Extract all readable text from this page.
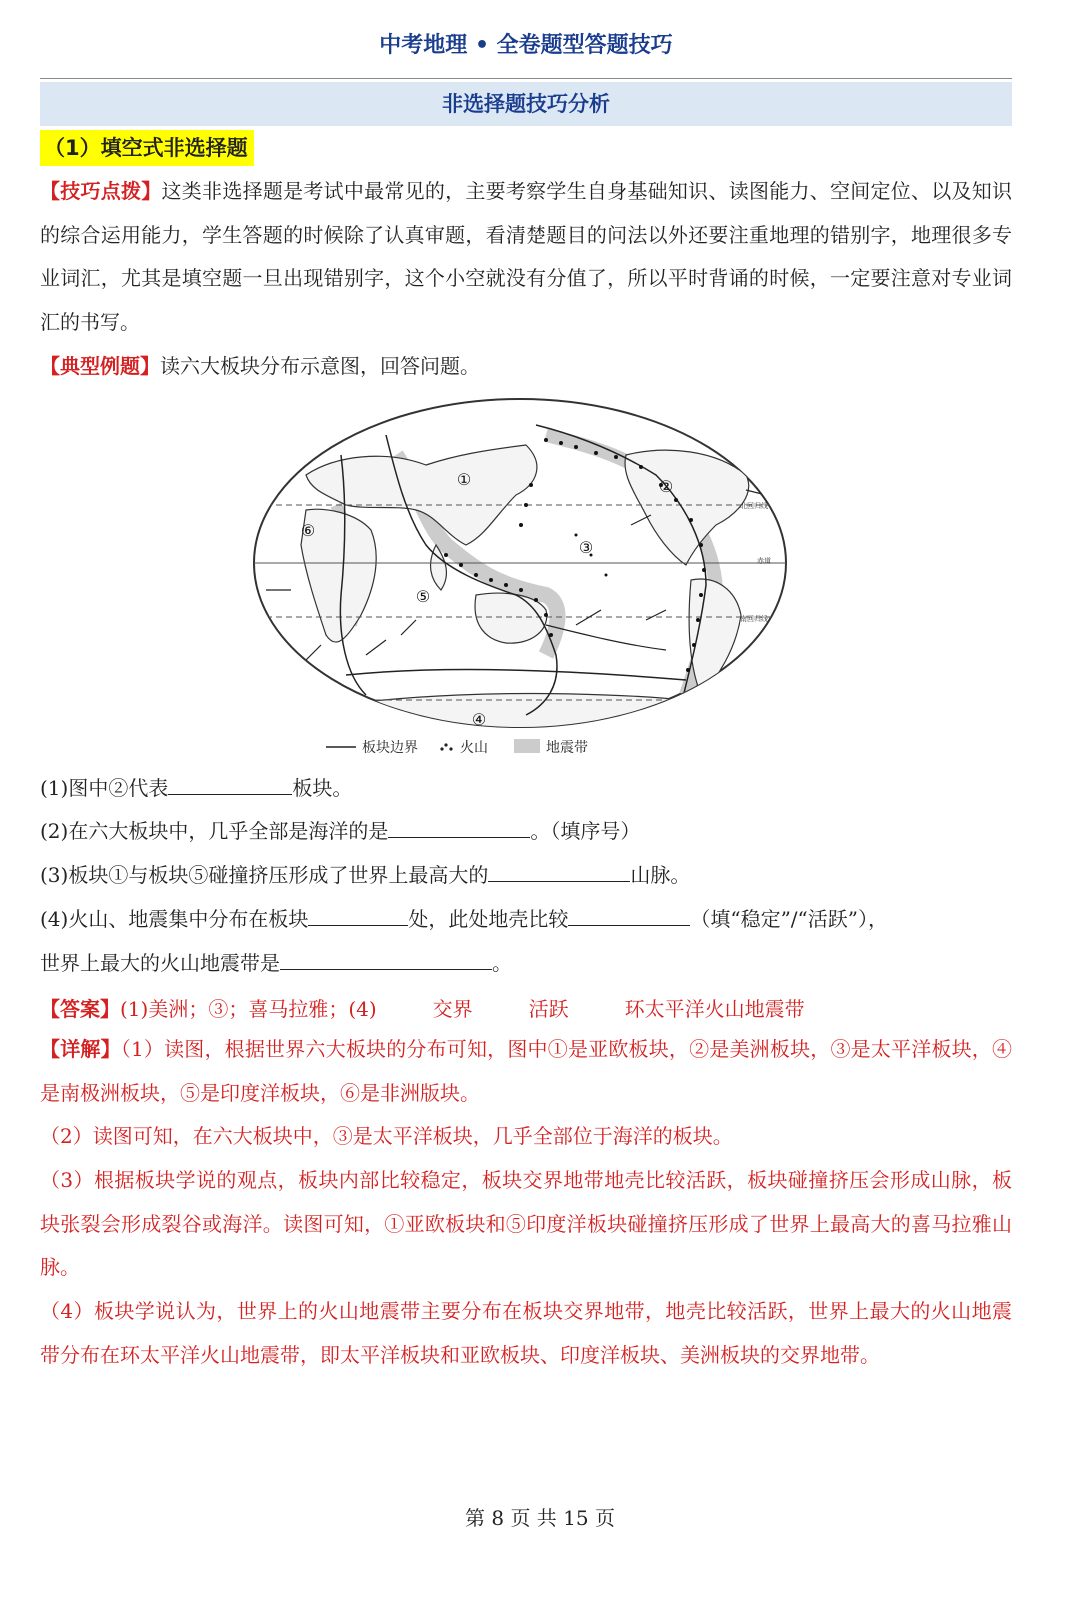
中考地理 • 全卷题型答题技巧
非选择题技巧分析
（1）填空式非选择题
【技巧点拨】这类非选择题是考试中最常见的，主要考察学生自身基础知识、读图能力、空间定位、以及知识的综合运用能力，学生答题的时候除了认真审题，看清楚题目的问法以外还要注重地理的错别字，地理很多专业词汇，尤其是填空题一旦出现错别字，这个小空就没有分值了，所以平时背诵的时候，一定要注意对专业词汇的书写。
【典型例题】读六大板块分布示意图，回答问题。
①	②
③
④
⑤
⑥
赤道
北回归线
南回归线
板块边界	火山	地震带
(1)图中②代表	板块。
(2)在六大板块中，几乎全部是海洋的是	。（填序号）
(3)板块①与板块⑤碰撞挤压形成了世界上最高大的	山脉。
(4)火山、地震集中分布在板块	处，此处地壳比较	（填“稳定”/“活跃”），
世界上最大的火山地震带是	。
【答案】(1)美洲；③；喜马拉雅；(4)	交界	活跃	环太平洋火山地震带
【详解】（1）读图，根据世界六大板块的分布可知，图中①是亚欧板块，②是美洲板块，③是太平洋板块，④是南极洲板块，⑤是印度洋板块，⑥是非洲版块。
（2）读图可知，在六大板块中，③是太平洋板块，几乎全部位于海洋的板块。
（3）根据板块学说的观点，板块内部比较稳定，板块交界地带地壳比较活跃，板块碰撞挤压会形成山脉，板块张裂会形成裂谷或海洋。读图可知，①亚欧板块和⑤印度洋板块碰撞挤压形成了世界上最高大的喜马拉雅山脉。
（4）板块学说认为，世界上的火山地震带主要分布在板块交界地带，地壳比较活跃，世界上最大的火山地震带分布在环太平洋火山地震带，即太平洋板块和亚欧板块、印度洋板块、美洲板块的交界地带。
第 8 页 共 15 页
